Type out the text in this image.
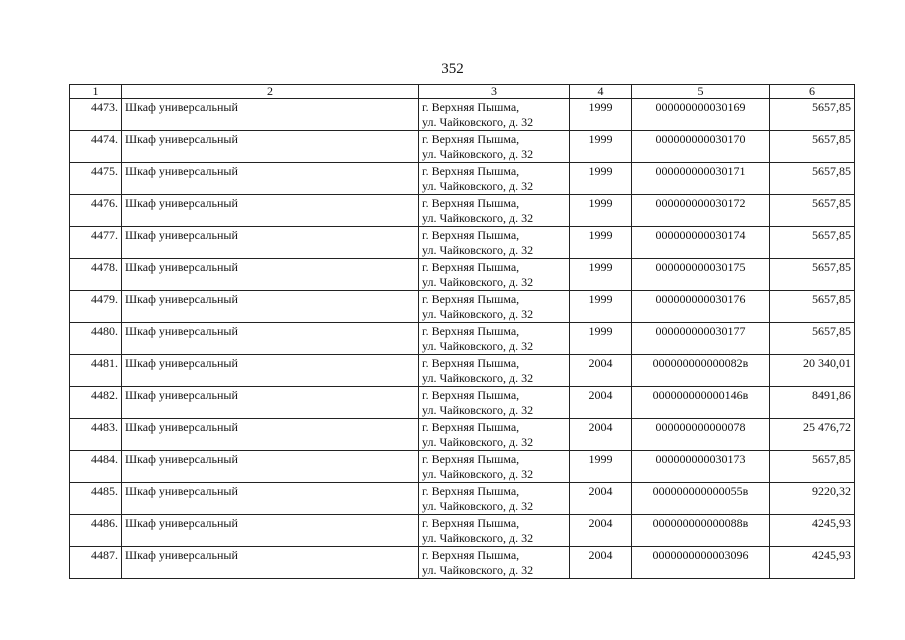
352
1	2	3	4	5	6
4473.	Шкаф универсальный	г. Верхняя Пышма,
ул. Чайковского, д. 32	1999	000000000030169	5657,85
4474.	Шкаф универсальный	г. Верхняя Пышма,
ул. Чайковского, д. 32	1999	000000000030170	5657,85
4475.	Шкаф универсальный	г. Верхняя Пышма,
ул. Чайковского, д. 32	1999	000000000030171	5657,85
4476.	Шкаф универсальный	г. Верхняя Пышма,
ул. Чайковского, д. 32	1999	000000000030172	5657,85
4477.	Шкаф универсальный	г. Верхняя Пышма,
ул. Чайковского, д. 32	1999	000000000030174	5657,85
4478.	Шкаф универсальный	г. Верхняя Пышма,
ул. Чайковского, д. 32	1999	000000000030175	5657,85
4479.	Шкаф универсальный	г. Верхняя Пышма,
ул. Чайковского, д. 32	1999	000000000030176	5657,85
4480.	Шкаф универсальный	г. Верхняя Пышма,
ул. Чайковского, д. 32	1999	000000000030177	5657,85
4481.	Шкаф универсальный	г. Верхняя Пышма,
ул. Чайковского, д. 32	2004	000000000000082в	20 340,01
4482.	Шкаф универсальный	г. Верхняя Пышма,
ул. Чайковского, д. 32	2004	000000000000146в	8491,86
4483.	Шкаф универсальный	г. Верхняя Пышма,
ул. Чайковского, д. 32	2004	000000000000078	25 476,72
4484.	Шкаф универсальный	г. Верхняя Пышма,
ул. Чайковского, д. 32	1999	000000000030173	5657,85
4485.	Шкаф универсальный	г. Верхняя Пышма,
ул. Чайковского, д. 32	2004	000000000000055в	9220,32
4486.	Шкаф универсальный	г. Верхняя Пышма,
ул. Чайковского, д. 32	2004	000000000000088в	4245,93
4487.	Шкаф универсальный	г. Верхняя Пышма,
ул. Чайковского, д. 32	2004	0000000000003096	4245,93
